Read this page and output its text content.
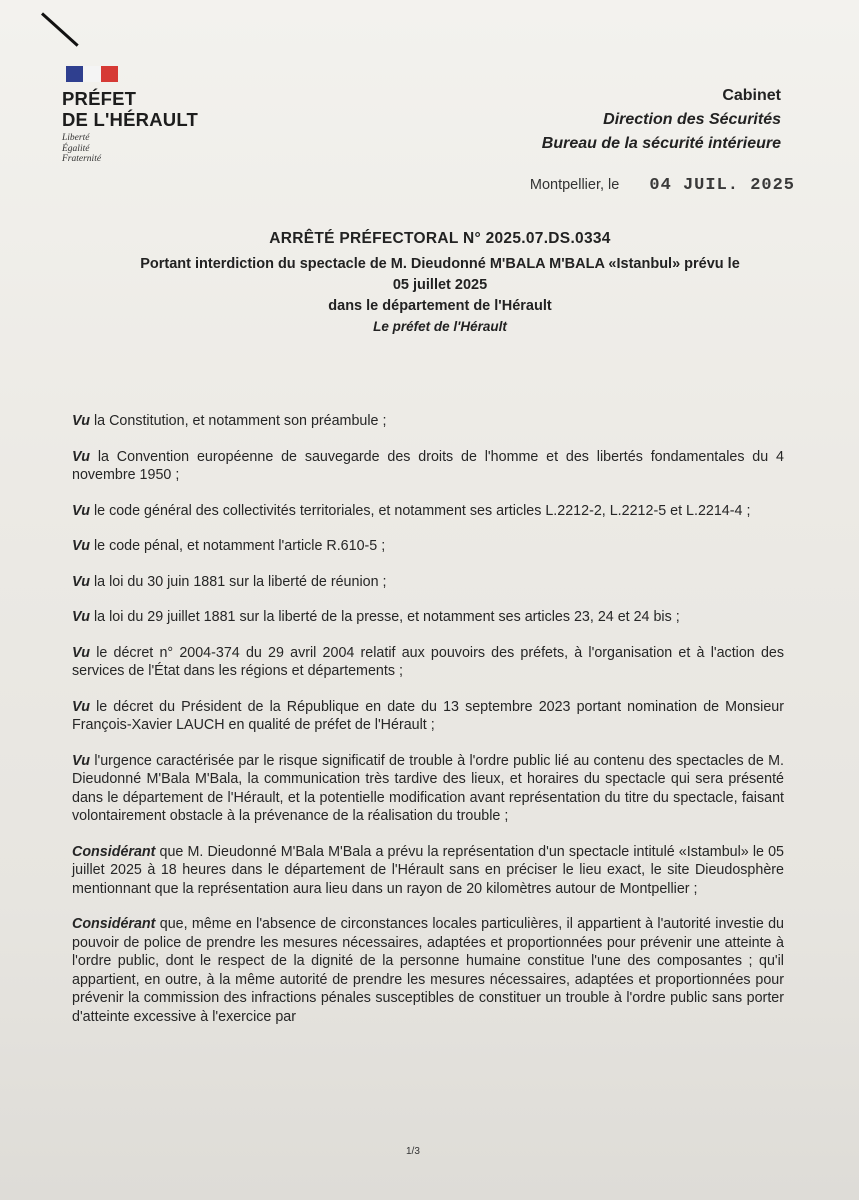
PRÉFET
DE L'HÉRAULT
Liberté
Égalité
Fraternité
Cabinet
Direction des Sécurités
Bureau de la sécurité intérieure
Montpellier, le 04 JUIL. 2025
ARRÊTÉ PRÉFECTORAL N° 2025.07.DS.0334
Portant interdiction du spectacle de M. Dieudonné M'BALA M'BALA «Istanbul» prévu le
05 juillet 2025
dans le département de l'Hérault
Le préfet de l'Hérault

Vu la Constitution, et notamment son préambule ;

Vu la Convention européenne de sauvegarde des droits de l'homme et des libertés fondamentales du 4 novembre 1950 ;

Vu le code général des collectivités territoriales, et notamment ses articles L.2212-2, L.2212-5 et L.2214-4 ;

Vu le code pénal, et notamment l'article R.610-5 ;

Vu la loi du 30 juin 1881 sur la liberté de réunion ;

Vu la loi du 29 juillet 1881 sur la liberté de la presse, et notamment ses articles 23, 24 et 24 bis ;

Vu le décret n° 2004-374 du 29 avril 2004 relatif aux pouvoirs des préfets, à l'organisation et à l'action des services de l'État dans les régions et départements ;

Vu le décret du Président de la République en date du 13 septembre 2023 portant nomination de Monsieur François-Xavier LAUCH en qualité de préfet de l'Hérault ;

Vu l'urgence caractérisée par le risque significatif de trouble à l'ordre public lié au contenu des spectacles de M. Dieudonné M'Bala M'Bala, la communication très tardive des lieux, et horaires du spectacle qui sera présenté dans le département de l'Hérault, et la potentielle modification avant représentation du titre du spectacle, faisant volontairement obstacle à la prévenance de la réalisation du trouble ;

Considérant que M. Dieudonné M'Bala M'Bala a prévu la représentation d'un spectacle intitulé «Istambul» le 05 juillet 2025 à 18 heures dans le département de l'Hérault sans en préciser le lieu exact, le site Dieudosphère mentionnant que la représentation aura lieu dans un rayon de 20 kilomètres autour de Montpellier ;

Considérant que, même en l'absence de circonstances locales particulières, il appartient à l'autorité investie du pouvoir de police de prendre les mesures nécessaires, adaptées et proportionnées pour prévenir une atteinte à l'ordre public, dont le respect de la dignité de la personne humaine constitue l'une des composantes ; qu'il appartient, en outre, à la même autorité de prendre les mesures nécessaires, adaptées et proportionnées pour prévenir la commission des infractions pénales susceptibles de constituer un trouble à l'ordre public sans porter d'atteinte excessive à l'exercice par

1/3
